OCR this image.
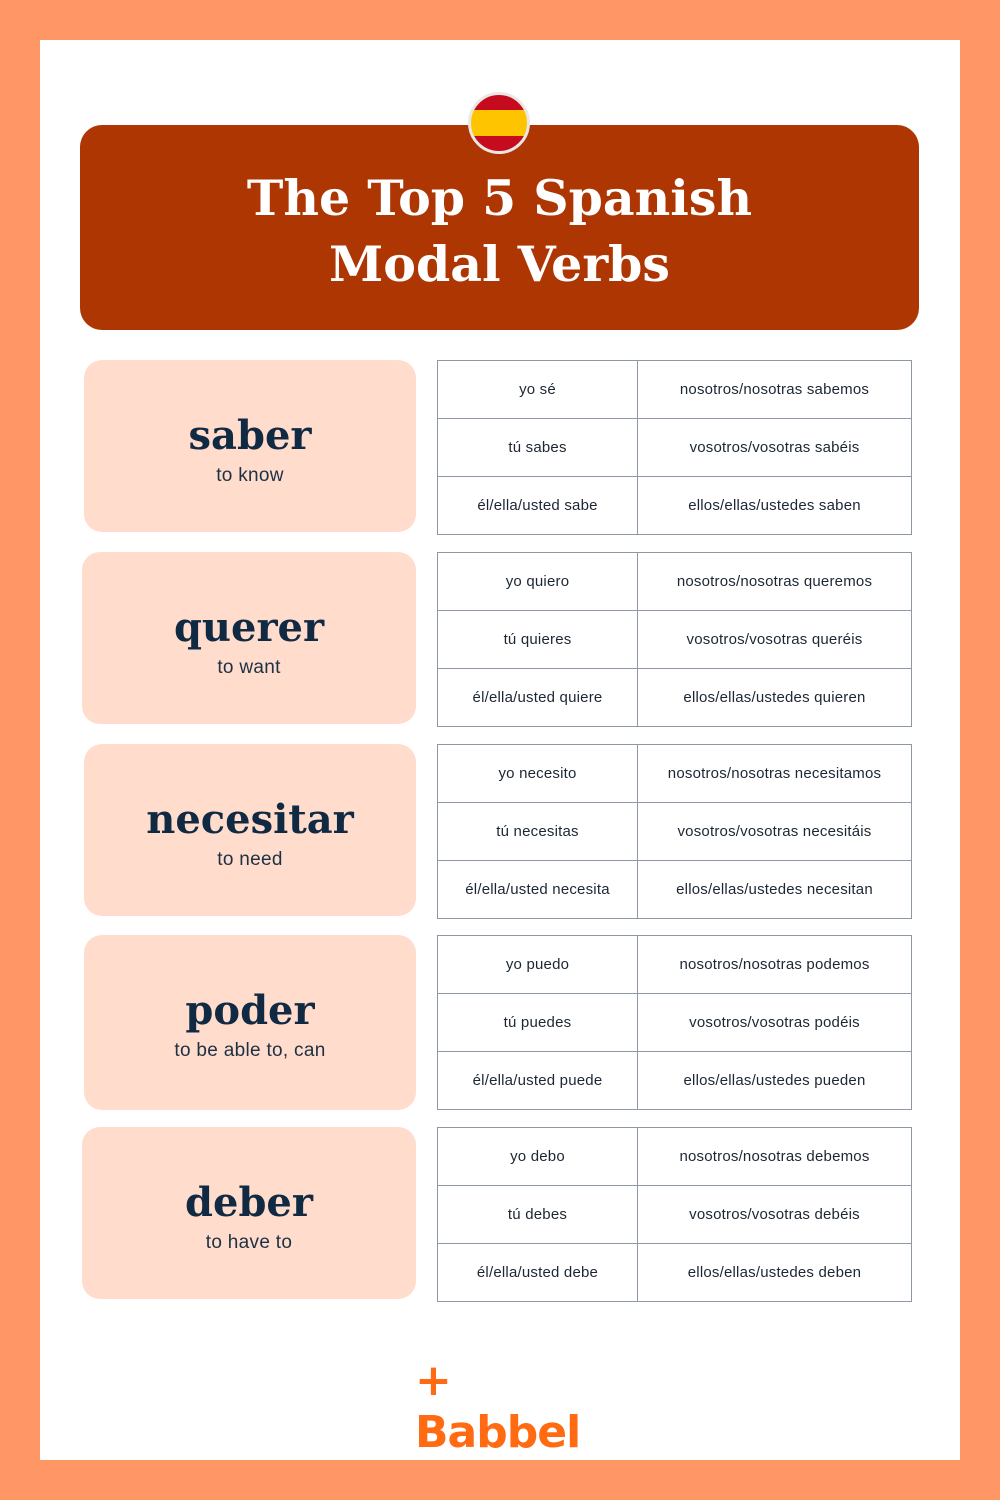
The Top 5 Spanish
Modal Verbs
saber
to know
yo sé	nosotros/nosotras sabemos
tú sabes	vosotros/vosotras sabéis
él/ella/usted sabe	ellos/ellas/ustedes saben
querer
to want
yo quiero	nosotros/nosotras queremos
tú quieres	vosotros/vosotras queréis
él/ella/usted quiere	ellos/ellas/ustedes quieren
necesitar
to need
yo necesito	nosotros/nosotras necesitamos
tú necesitas	vosotros/vosotras necesitáis
él/ella/usted necesita	ellos/ellas/ustedes necesitan
poder
to be able to, can
yo puedo	nosotros/nosotras podemos
tú puedes	vosotros/vosotras podéis
él/ella/usted puede	ellos/ellas/ustedes pueden
deber
to have to
yo debo	nosotros/nosotras debemos
tú debes	vosotros/vosotras debéis
él/ella/usted debe	ellos/ellas/ustedes deben
+Babbel
